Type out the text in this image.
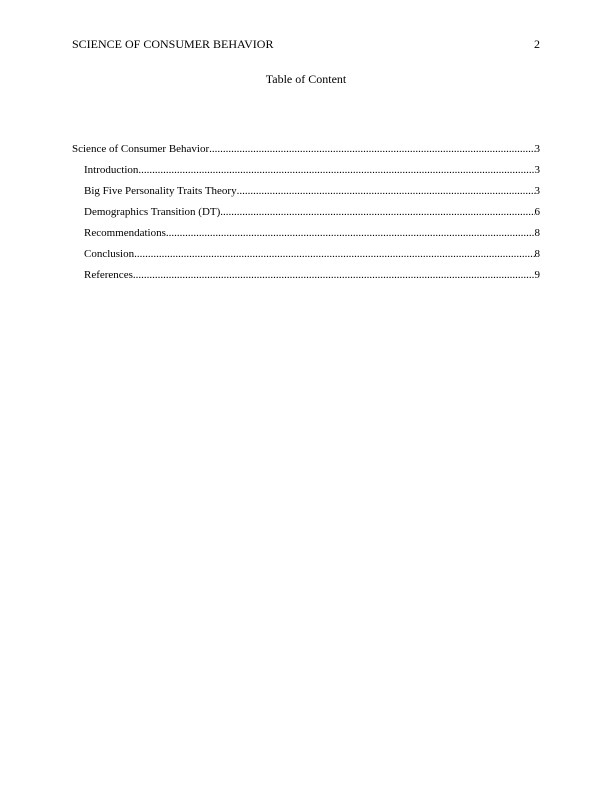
SCIENCE OF CONSUMER BEHAVIOR	2
Table of Content
Science of Consumer Behavior .....	3
Introduction .....	3
Big Five Personality Traits Theory .....	3
Demographics Transition (DT) .....	6
Recommendations .....	8
Conclusion .....	8
References .....	9
